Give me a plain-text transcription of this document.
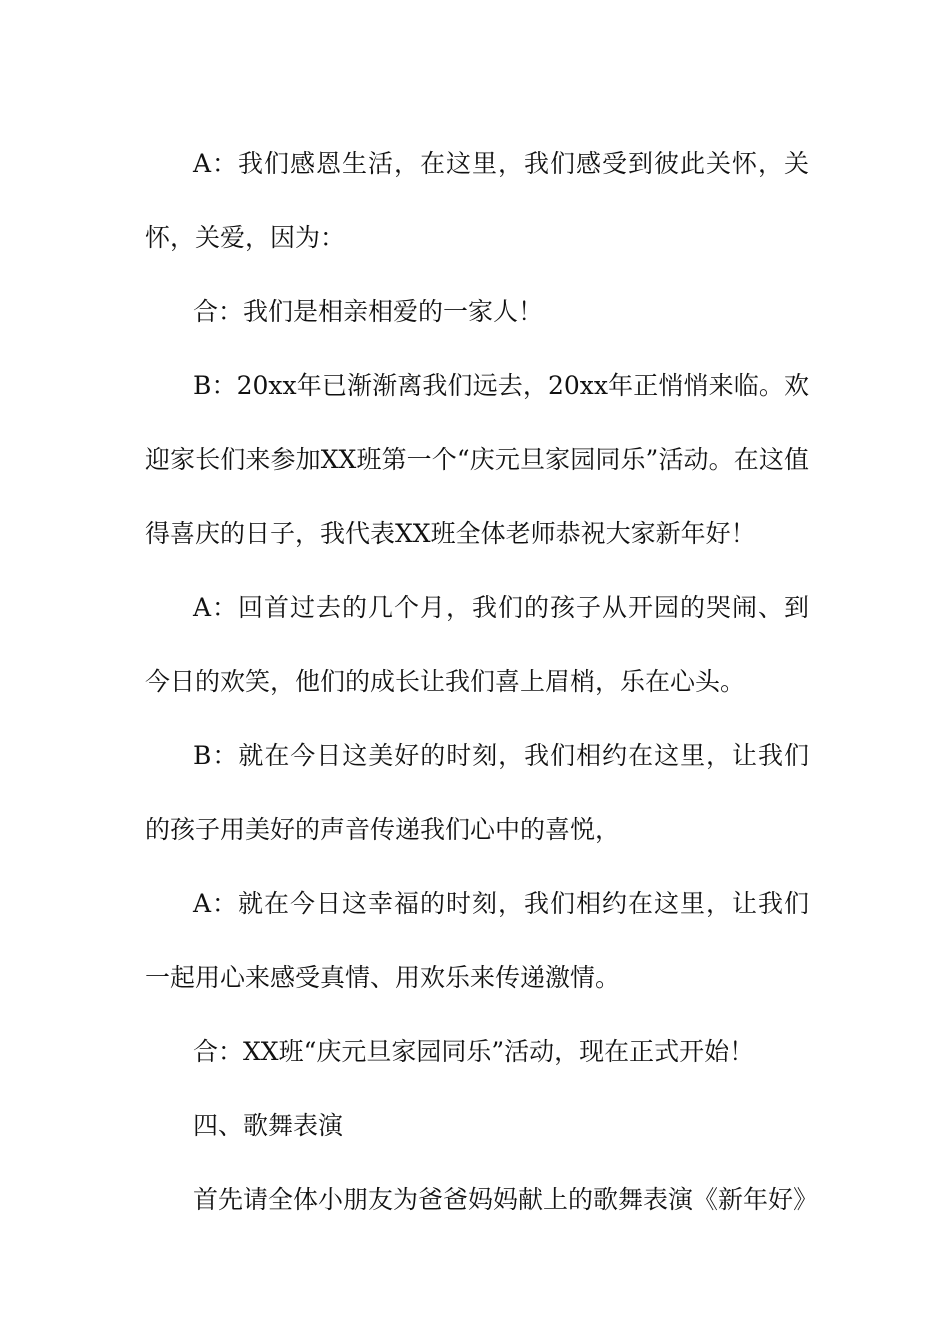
A：我们感恩生活，在这里，我们感受到彼此关怀，关怀，关爱，因为：

合：我们是相亲相爱的一家人！

B：20xx年已渐渐离我们远去，20xx年正悄悄来临。欢迎家长们来参加XX班第一个“庆元旦家园同乐”活动。在这值得喜庆的日子，我代表XX班全体老师恭祝大家新年好！

A：回首过去的几个月，我们的孩子从开园的哭闹、到今日的欢笑，他们的成长让我们喜上眉梢，乐在心头。

B：就在今日这美好的时刻，我们相约在这里，让我们的孩子用美好的声音传递我们心中的喜悦，

A：就在今日这幸福的时刻，我们相约在这里，让我们一起用心来感受真情、用欢乐来传递激情。

合：XX班“庆元旦家园同乐”活动，现在正式开始！

四、歌舞表演

首先请全体小朋友为爸爸妈妈献上的歌舞表演《新年好》
